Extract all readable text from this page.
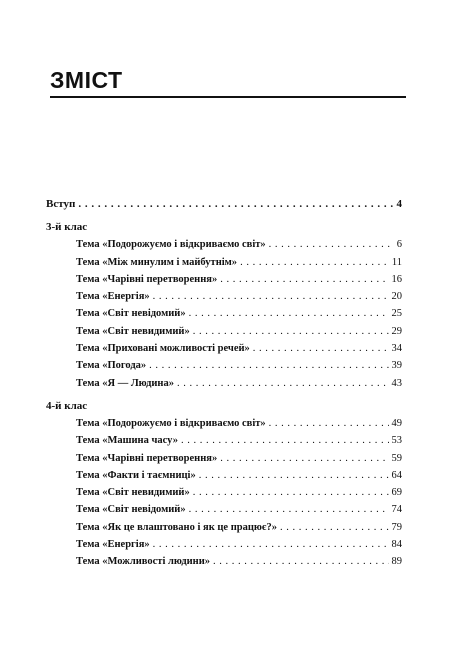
ЗМІСТ
Вступ . . .	4
3-й клас
Тема «Подорожуємо і відкриваємо світ» . . .	6
Тема «Між минулим і майбутнім» . . .	11
Тема «Чарівні перетворення» . . .	16
Тема «Енергія» . . .	20
Тема «Світ невідомий» . . .	25
Тема «Світ невидимий» . . .	29
Тема «Приховані можливості речей» . . .	34
Тема «Погода» . . .	39
Тема «Я — Людина» . . .	43
4-й клас
Тема «Подорожуємо і відкриваємо світ» . . .	49
Тема «Машина часу» . . .	53
Тема «Чарівні перетворення» . . .	59
Тема «Факти і таємниці» . . .	64
Тема «Світ невидимий» . . .	69
Тема «Світ невідомий» . . .	74
Тема «Як це влаштовано і як це працює?» . . .	79
Тема «Енергія» . . .	84
Тема «Можливості людини» . . .	89
